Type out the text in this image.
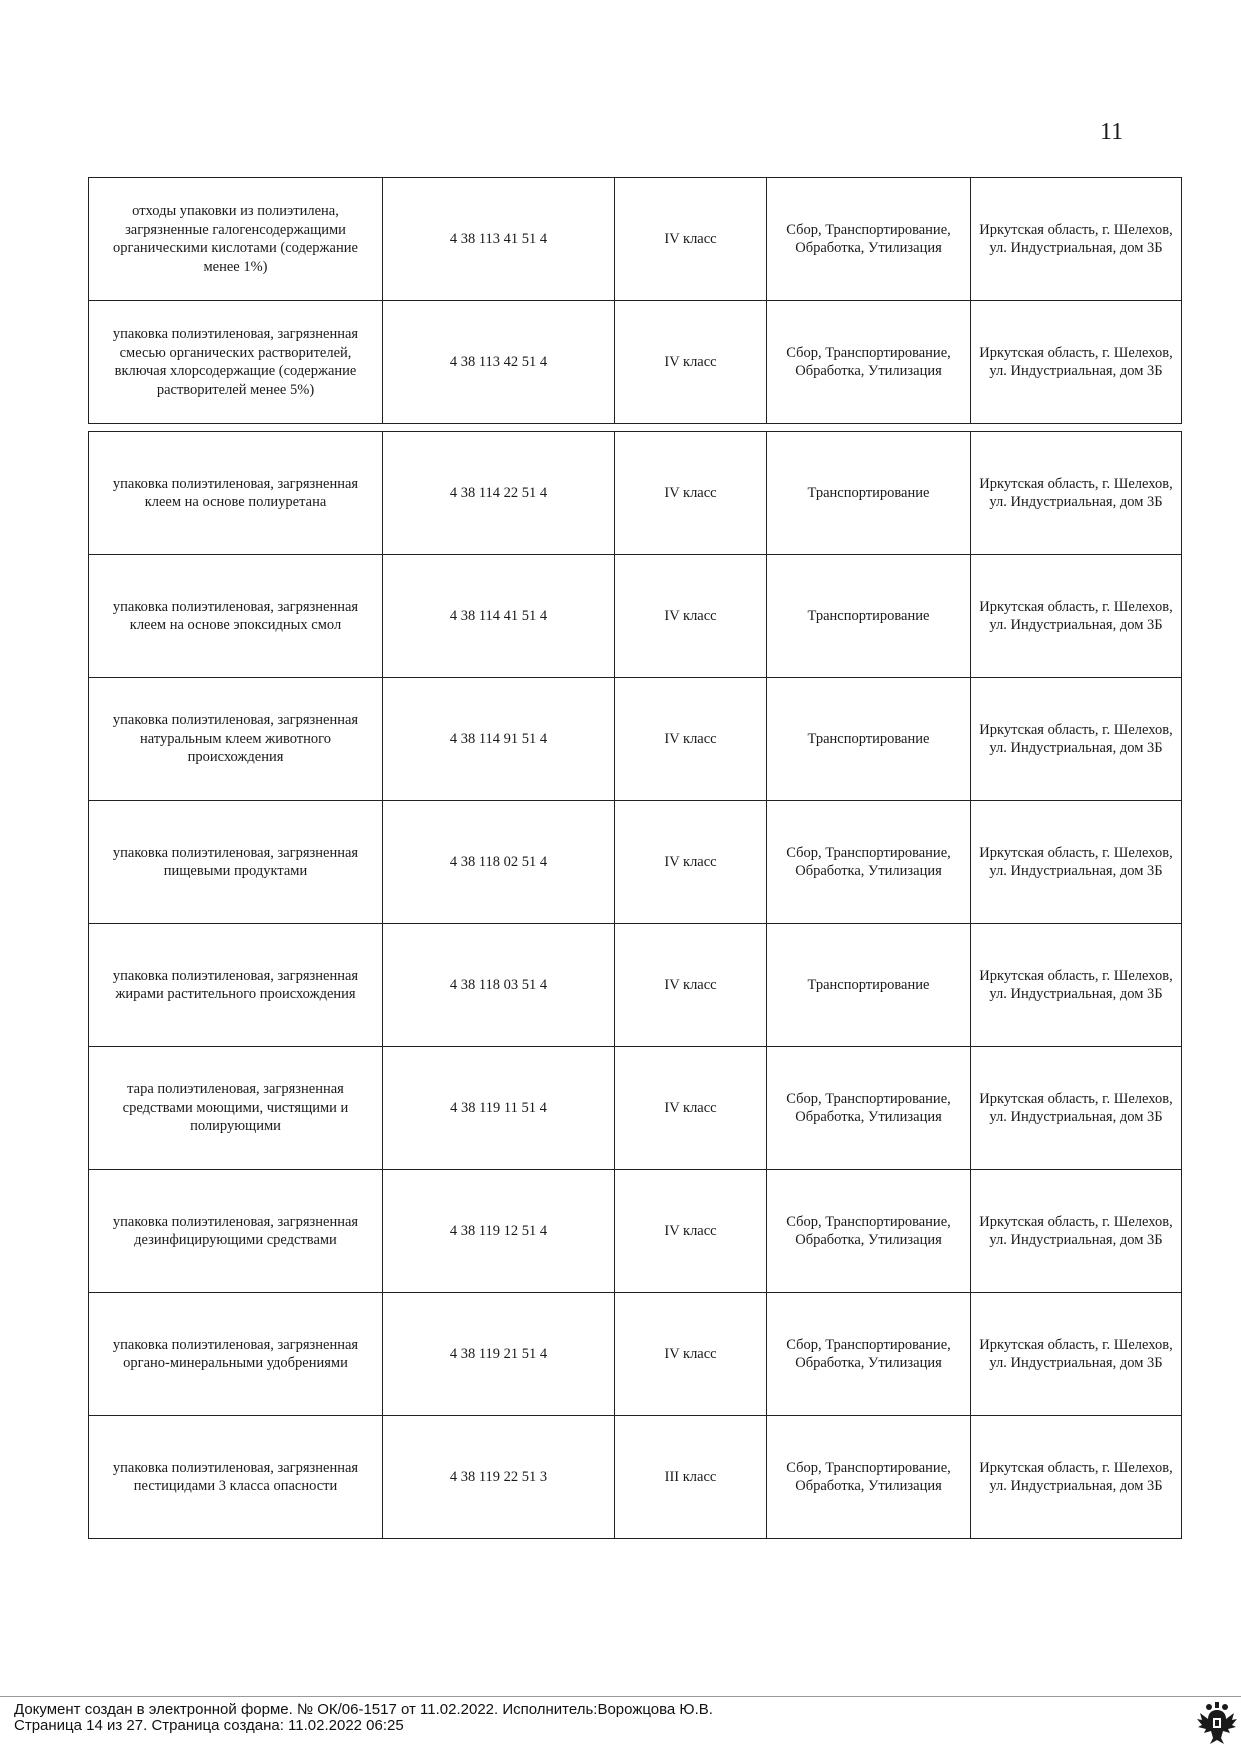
11
отходы упаковки из полиэтилена, загрязненные галогенсодержащими органическими кислотами (содержание менее 1%)	4 38 113 41 51 4	IV класс	Сбор, Транспортирование, Обработка, Утилизация	Иркутская область, г. Шелехов, ул. Индустриальная, дом 3Б
упаковка полиэтиленовая, загрязненная смесью органических растворителей, включая хлорсодержащие (содержание растворителей менее 5%)	4 38 113 42 51 4	IV класс	Сбор, Транспортирование, Обработка, Утилизация	Иркутская область, г. Шелехов, ул. Индустриальная, дом 3Б
упаковка полиэтиленовая, загрязненная клеем на основе полиуретана	4 38 114 22 51 4	IV класс	Транспортирование	Иркутская область, г. Шелехов, ул. Индустриальная, дом 3Б
упаковка полиэтиленовая, загрязненная клеем на основе эпоксидных смол	4 38 114 41 51 4	IV класс	Транспортирование	Иркутская область, г. Шелехов, ул. Индустриальная, дом 3Б
упаковка полиэтиленовая, загрязненная натуральным клеем животного происхождения	4 38 114 91 51 4	IV класс	Транспортирование	Иркутская область, г. Шелехов, ул. Индустриальная, дом 3Б
упаковка полиэтиленовая, загрязненная пищевыми продуктами	4 38 118 02 51 4	IV класс	Сбор, Транспортирование, Обработка, Утилизация	Иркутская область, г. Шелехов, ул. Индустриальная, дом 3Б
упаковка полиэтиленовая, загрязненная жирами растительного происхождения	4 38 118 03 51 4	IV класс	Транспортирование	Иркутская область, г. Шелехов, ул. Индустриальная, дом 3Б
тара полиэтиленовая, загрязненная средствами моющими, чистящими и полирующими	4 38 119 11 51 4	IV класс	Сбор, Транспортирование, Обработка, Утилизация	Иркутская область, г. Шелехов, ул. Индустриальная, дом 3Б
упаковка полиэтиленовая, загрязненная дезинфицирующими средствами	4 38 119 12 51 4	IV класс	Сбор, Транспортирование, Обработка, Утилизация	Иркутская область, г. Шелехов, ул. Индустриальная, дом 3Б
упаковка полиэтиленовая, загрязненная органо-минеральными удобрениями	4 38 119 21 51 4	IV класс	Сбор, Транспортирование, Обработка, Утилизация	Иркутская область, г. Шелехов, ул. Индустриальная, дом 3Б
упаковка полиэтиленовая, загрязненная пестицидами 3 класса опасности	4 38 119 22 51 3	III класс	Сбор, Транспортирование, Обработка, Утилизация	Иркутская область, г. Шелехов, ул. Индустриальная, дом 3Б
Документ создан в электронной форме. № ОК/06-1517 от 11.02.2022. Исполнитель:Ворожцова Ю.В.
Страница 14 из 27. Страница создана: 11.02.2022 06:25
